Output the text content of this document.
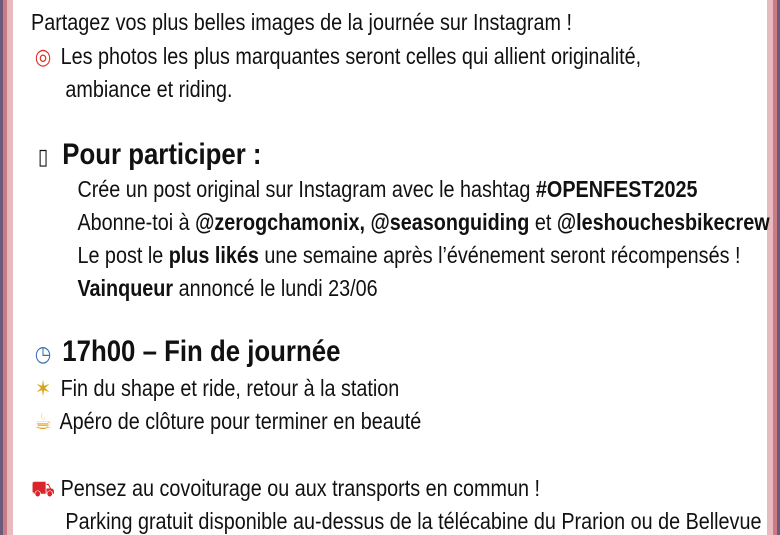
Partagez vos plus belles images de la journée sur Instagram !
◎ Les photos les plus marquantes seront celles qui allient originalité,
ambiance et riding.
▯ Pour participer :
Crée un post original sur Instagram avec le hashtag #OPENFEST2025
Abonne-toi à @zerogchamonix, @seasonguiding et @leshouchesbikecrew
Le post le plus likés une semaine après l’événement seront récompensés !
Vainqueur annoncé le lundi 23/06
◷ 17h00 – Fin de journée
✶ Fin du shape et ride, retour à la station
☕ Apéro de clôture pour terminer en beauté
⛟ Pensez au covoiturage ou aux transports en commun !
Parking gratuit disponible au-dessus de la télécabine du Prarion ou de Bellevue
